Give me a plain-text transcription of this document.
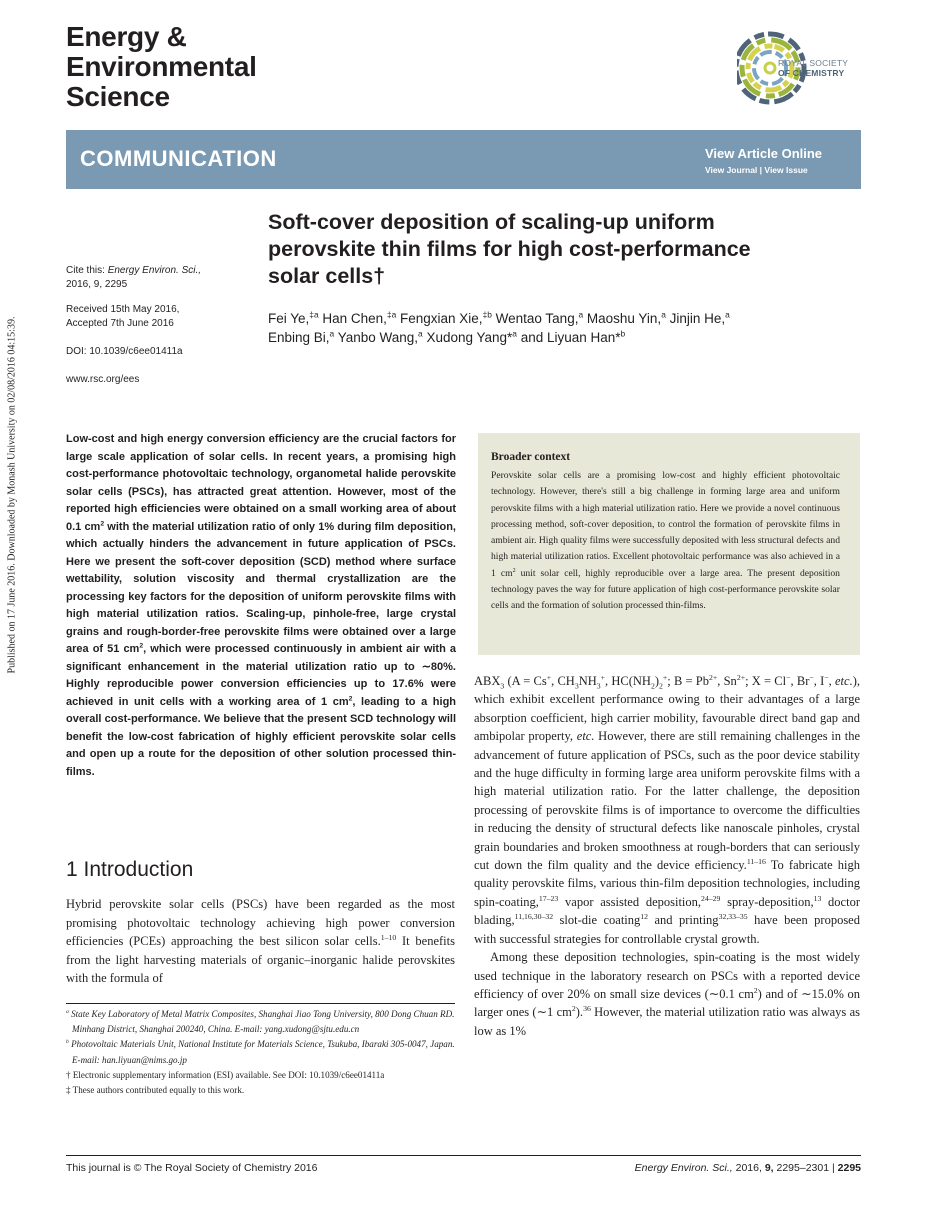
Energy &
Environmental
Science
ROYAL SOCIETY
OF CHEMISTRY
COMMUNICATION	View Article Online
View Journal | View Issue
Published on 17 June 2016. Downloaded by Monash University on 02/08/2016 04:15:39.
Soft-cover deposition of scaling-up uniform
perovskite thin films for high cost-performance
solar cells†
Fei Ye,$^{\ddagger a}$ Han Chen,$^{\ddagger a}$ Fengxian Xie,$^{\ddagger b}$ Wentao Tang,$^a$ Maoshu Yin,$^a$ Jinjin He,$^a$
Enbing Bi,$^a$ Yanbo Wang,$^a$ Xudong Yang*$^a$ and Liyuan Han*$^b$
Cite this: Energy Environ. Sci.,
2016, 9, 2295
Received 15th May 2016,
Accepted 7th June 2016
DOI: 10.1039/c6ee01411a
www.rsc.org/ees
Low-cost and high energy conversion efficiency are the crucial factors for large scale application of solar cells. In recent years, a promising high cost-performance photovoltaic technology, organometal halide perovskite solar cells (PSCs), has attracted great attention. However, most of the reported high efficiencies were obtained on a small working area of about 0.1 $cm^2$ with the material utilization ratio of only 1% during film deposition, which actually hinders the advancement in future application of PSCs. Here we present the soft-cover deposition (SCD) method where surface wettability, solution viscosity and thermal crystallization are the processing key factors for the deposition of uniform perovskite films with high material utilization ratios. Scaling-up, pinhole-free, large crystal grains and rough-border-free perovskite films were obtained over a large area of 51 $cm^2$, which were processed continuously in ambient air with a significant enhancement in the material utilization ratio up to ∼80%. Highly reproducible power conversion efficiencies up to 17.6% were achieved in unit cells with a working area of 1 $cm^2$, leading to a high overall cost-performance. We believe that the present SCD technology will benefit the low-cost fabrication of highly efficient perovskite solar cells and open up a route for the deposition of other solution processed thin-films.
Broader context
Perovskite solar cells are a promising low-cost and highly efficient photovoltaic technology. However, there's still a big challenge in forming large area and uniform perovskite films with a high material utilization ratio. Here we provide a novel continuous processing method, soft-cover deposition, to control the formation of perovskite films in ambient air. High quality films were successfully deposited with less structural defects and high material utilization ratios. Excellent photovoltaic performance was also achieved in a 1 $cm^2$ unit solar cell, highly reproducible over a large area. The present deposition technology paves the way for future application of high cost-performance perovskite solar cells and the formation of solution processed thin-films.
1 Introduction
Hybrid perovskite solar cells (PSCs) have been regarded as the most promising photovoltaic technology achieving high power conversion efficiencies (PCEs) approaching the best silicon solar cells.$^{1-10}$ It benefits from the light harvesting materials of organic–inorganic halide perovskites with the formula of
$^a$ State Key Laboratory of Metal Matrix Composites, Shanghai Jiao Tong University, 800 Dong Chuan RD. Minhang District, Shanghai 200240, China. E-mail: yang.xudong@sjtu.edu.cn
$^b$ Photovoltaic Materials Unit, National Institute for Materials Science, Tsukuba, Ibaraki 305-0047, Japan. E-mail: han.liyuan@nims.go.jp
† Electronic supplementary information (ESI) available. See DOI: 10.1039/c6ee01411a
‡ These authors contributed equally to this work.

$ABX_3$ (A = Cs+, $CH_3NH_3^+$, $HC(NH_2)_2^+$; $B = Pb^{2+}$, $Sn^{2+}$; X = Cl−, Br−, I−, etc.), which exhibit excellent performance owing to their advantages of a large absorption coefficient, high carrier mobility, favourable direct band gap and ambipolar property, etc. However, there are still remaining challenges in the advancement of future application of PSCs, such as the poor device stability and the huge difficulty in forming large area uniform perovskite films with a high material utilization ratio. For the latter challenge, the deposition processing of perovskite films is of importance to overcome the difficulties in reducing the density of structural defects like nanoscale pinholes, crystal grain boundaries and broken smoothness at rough-borders that can seriously cut down the film quality and the device efficiency.$^{11-16}$ To fabricate high quality perovskite films, various thin-film deposition technologies, including spin-coating,$^{17-23}$ vapor assisted deposition,$^{24-29}$ spray-deposition,$^{13}$ doctor blading,$^{11,16,30-32}$ slot-die coating$^{12}$ and printing$^{32,33-35}$ have been proposed with successful strategies for controllable crystal growth.

Among these deposition technologies, spin-coating is the most widely used technique in the laboratory research on PSCs with a reported device efficiency of over 20% on small size devices (∼0.1 $cm^2$) and of ∼15.0% on larger ones (∼1 $cm^2).^{36}$ However, the material utilization ratio was always as low as 1%

This journal is © The Royal Society of Chemistry 2016	Energy Environ. Sci., 2016, 9, 2295–2301 | 2295
